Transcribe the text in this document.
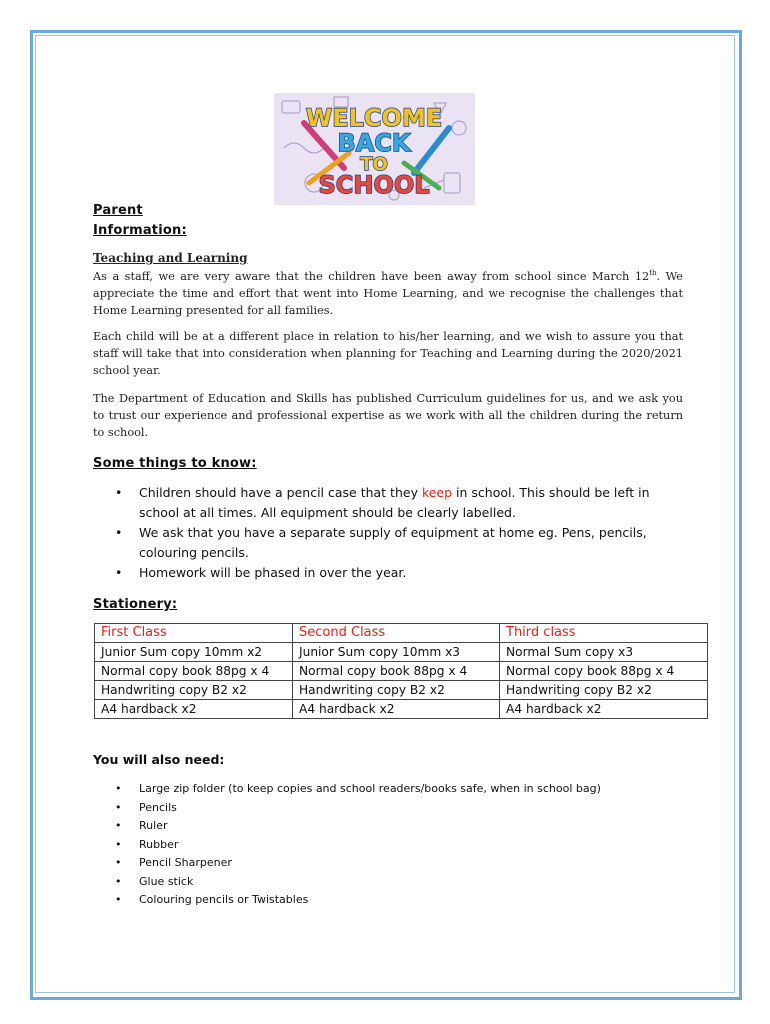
WELCOME
BACK
TO
SCHOOL
Parent
Information:
Teaching and Learning
As a staff, we are very aware that the children have been away from school since March 12th. We appreciate the time and effort that went into Home Learning, and we recognise the challenges that Home Learning presented for all families.
Each child will be at a different place in relation to his/her learning, and we wish to assure you that staff will take that into consideration when planning for Teaching and Learning during the 2020/2021 school year.
The Department of Education and Skills has published Curriculum guidelines for us, and we ask you to trust our experience and professional expertise as we work with all the children during the return to school.
Some things to know:
• Children should have a pencil case that they keep in school. This should be left in school at all times. All equipment should be clearly labelled.
• We ask that you have a separate supply of equipment at home eg. Pens, pencils, colouring pencils.
• Homework will be phased in over the year.
Stationery:
First Class	Second Class	Third class
Junior Sum copy 10mm x2	Junior Sum copy 10mm x3	Normal Sum copy x3
Normal copy book 88pg x 4	Normal copy book 88pg x 4	Normal copy book 88pg x 4
Handwriting copy B2 x2	Handwriting copy B2 x2	Handwriting copy B2 x2
A4 hardback x2	A4 hardback x2	A4 hardback x2
You will also need:
• Large zip folder (to keep copies and school readers/books safe, when in school bag)
• Pencils
• Ruler
• Rubber
• Pencil Sharpener
• Glue stick
• Colouring pencils or Twistables
